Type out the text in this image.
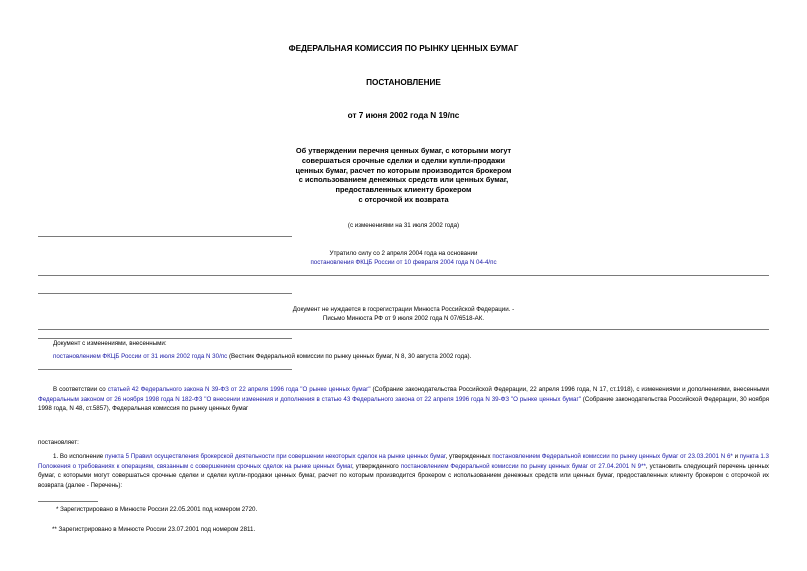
ФЕДЕРАЛЬНАЯ КОМИССИЯ ПО РЫНКУ ЦЕННЫХ БУМАГ
ПОСТАНОВЛЕНИЕ
от 7 июня 2002 года N 19/пс
Об утверждении перечня ценных бумаг, с которыми могут
совершаться срочные сделки и сделки купли-продажи
ценных бумаг, расчет по которым производится брокером
с использованием денежных средств или ценных бумаг,
предоставленных клиенту брокером
с отсрочкой их возврата
(с изменениями на 31 июля 2002 года)
Утратило силу со 2 апреля 2004 года на основании
постановления ФКЦБ России от 10 февраля 2004 года N 04-4/пс
Документ не нуждается в госрегистрации Минюста Российской Федерации. -
Письмо Минюста РФ от 9 июля 2002 года N 07/6518-АК.
Документ с изменениями, внесенными:
постановлением ФКЦБ России от 31 июля 2002 года N 30/пс (Вестник Федеральной комиссии по рынку ценных бумаг, N 8, 30 августа 2002 года).
В соответствии со статьей 42 Федерального закона N 39-ФЗ от 22 апреля 1996 года "О рынке ценных бумаг" (Собрание законодательства Российской Федерации, 22 апреля 1996 года, N 17, ст.1918), с изменениями и дополнениями, внесенными Федеральным законом от 26 ноября 1998 года N 182-ФЗ "О внесении изменения и дополнения в статью 43 Федерального закона от 22 апреля 1996 года N 39-ФЗ "О рынке ценных бумаг" (Собрание законодательства Российской Федерации, 30 ноября 1998 года, N 48, ст.5857), Федеральная комиссия по рынку ценных бумаг
постановляет:
1. Во исполнение пункта 5 Правил осуществления брокерской деятельности при совершении некоторых сделок на рынке ценных бумаг, утвержденных постановлением Федеральной комиссии по рынку ценных бумаг от 23.03.2001 N 6* и пункта 1.3 Положения о требованиях к операциям, связанным с совершением срочных сделок на рынке ценных бумаг, утвержденного постановлением Федеральной комиссии по рынку ценных бумаг от 27.04.2001 N 9**, установить следующий перечень ценных бумаг, с которыми могут совершаться срочные сделки и сделки купли-продажи ценных бумаг, расчет по которым производится брокером с использованием денежных средств или ценных бумаг, предоставленных клиенту брокером с отсрочкой их возврата (далее - Перечень):
* Зарегистрировано в Минюсте России 22.05.2001 под номером 2720.
** Зарегистрировано в Минюсте России 23.07.2001 под номером 2811.
